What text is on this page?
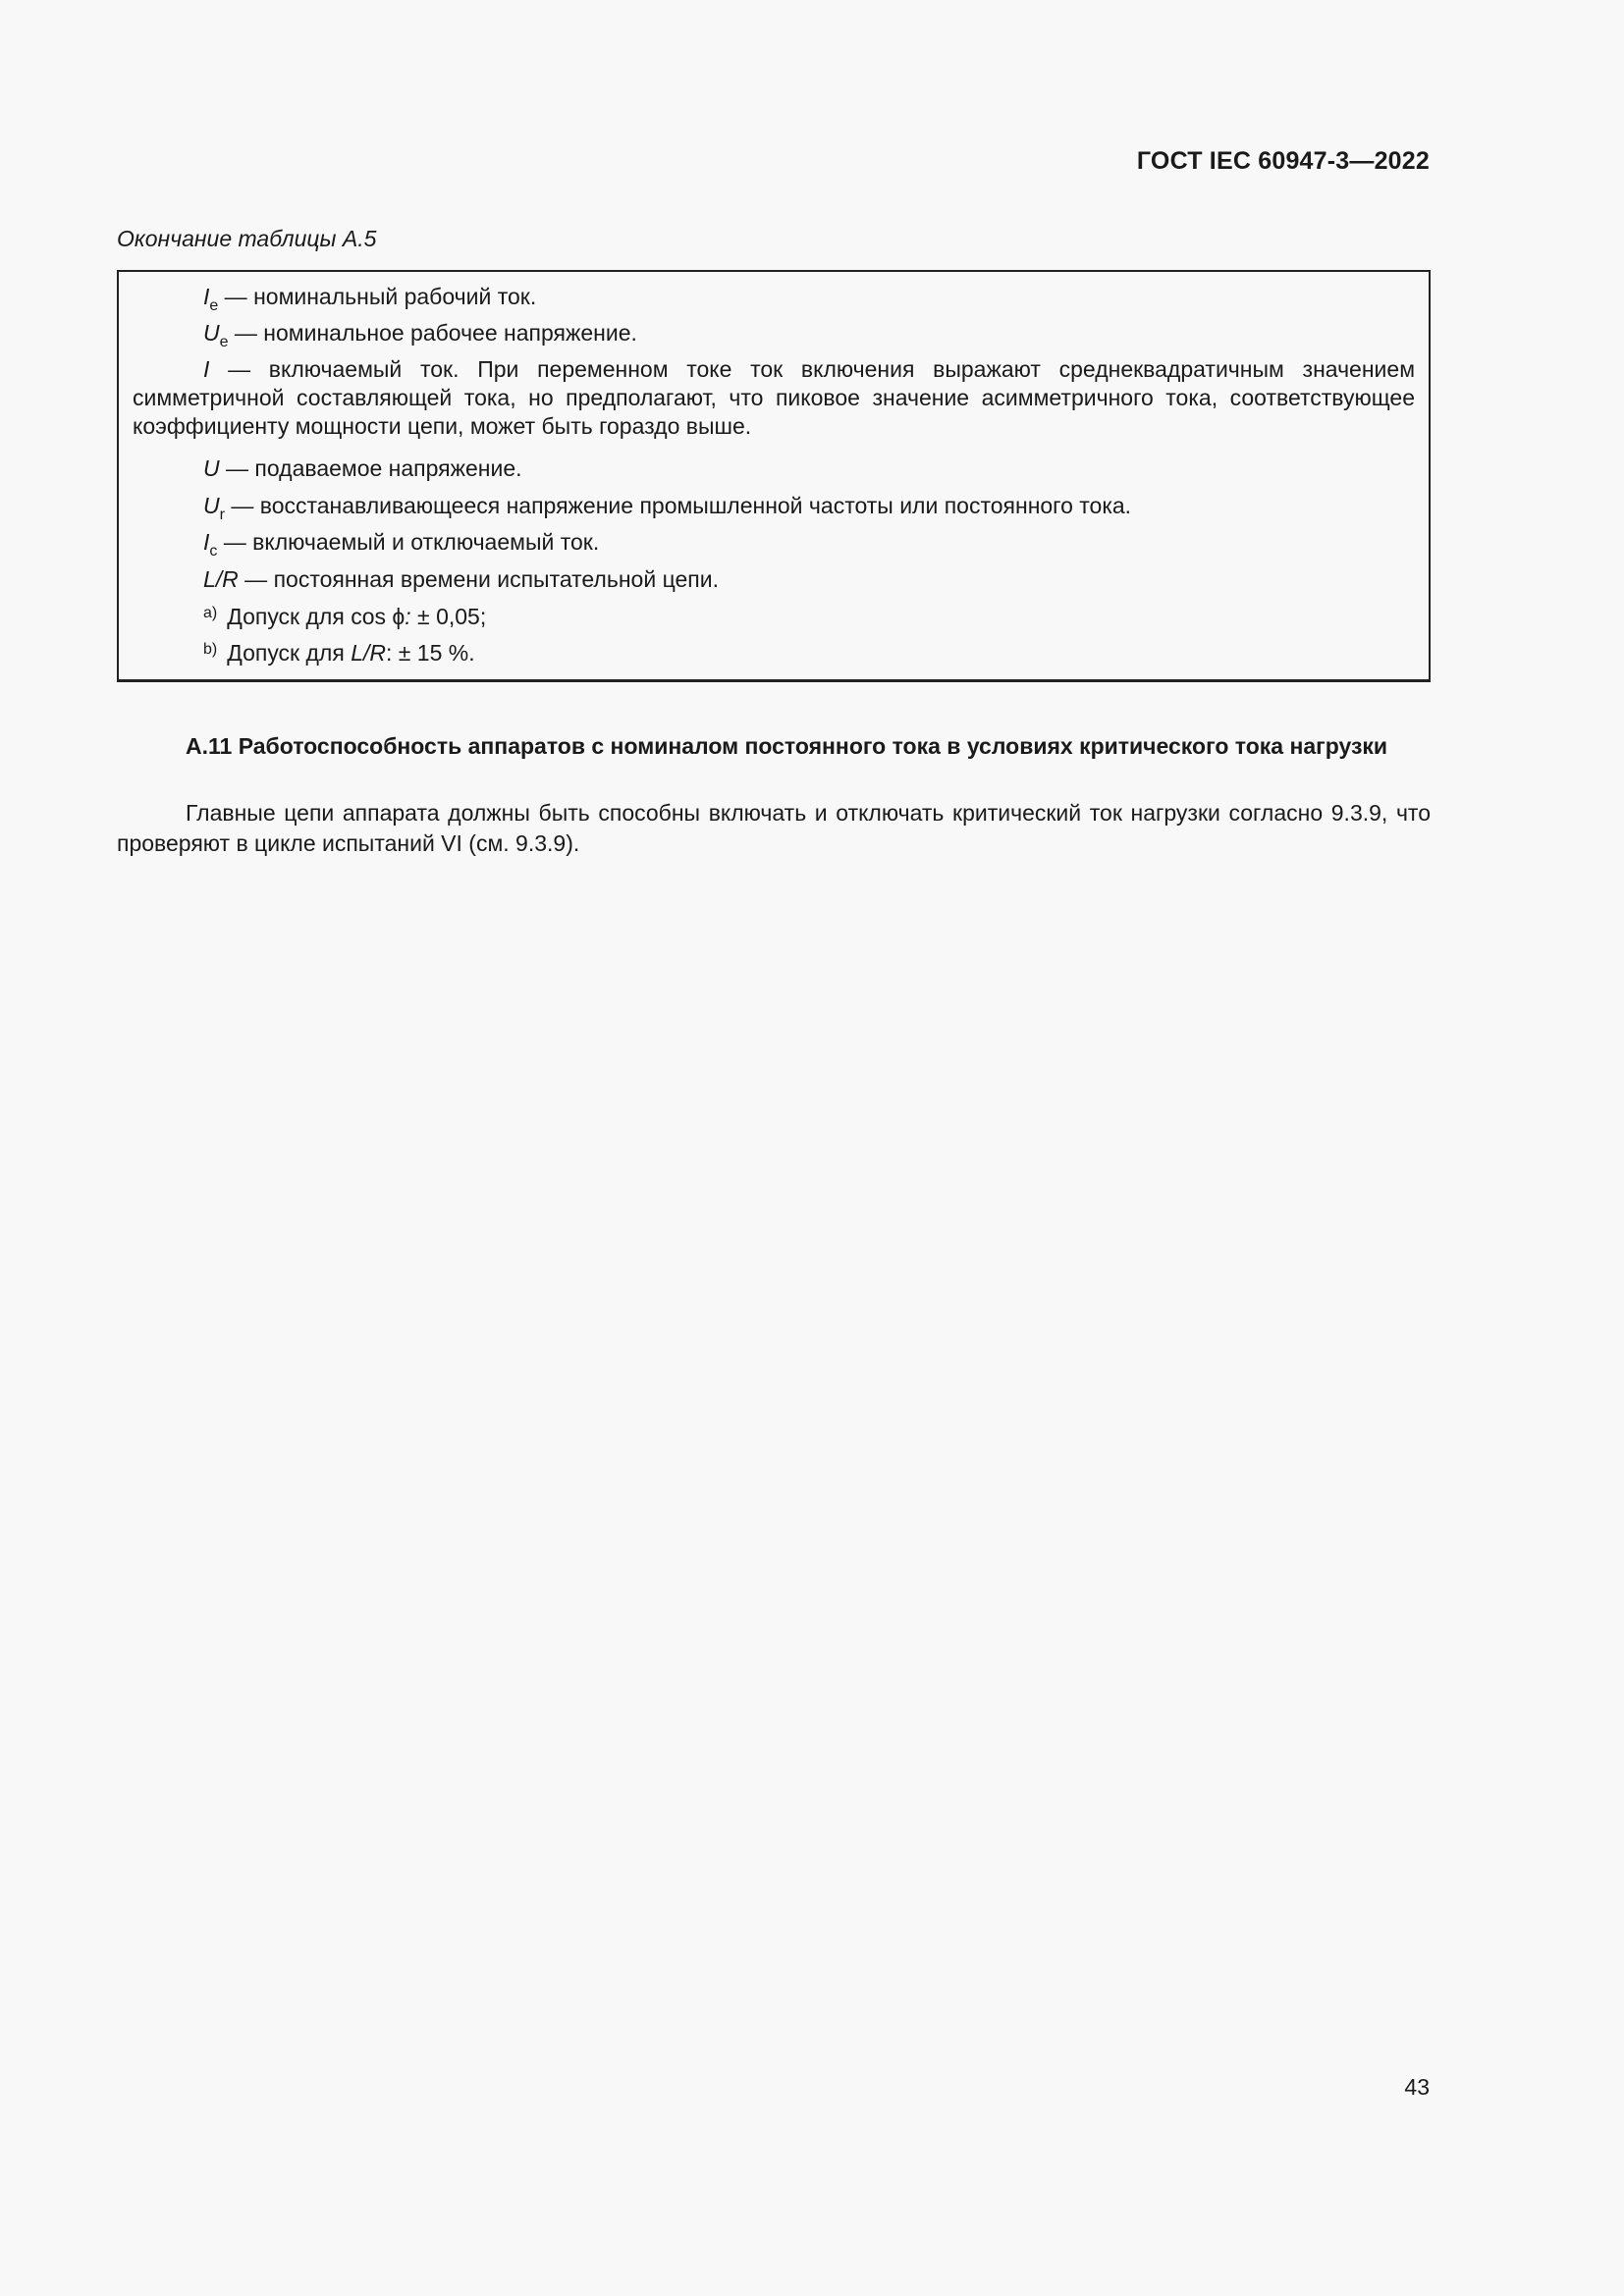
ГОСТ IEC 60947-3—2022
Окончание таблицы А.5
$I_e$ — номинальный рабочий ток.
$U_e$ — номинальное рабочее напряжение.
I — включаемый ток. При переменном токе ток включения выражают среднеквадратичным значением симметричной составляющей тока, но предполагают, что пиковое значение асимметричного тока, соответствующее коэффициенту мощности цепи, может быть гораздо выше.
U — подаваемое напряжение.
$U_r$ — восстанавливающееся напряжение промышленной частоты или постоянного тока.
$I_c$ — включаемый и отключаемый ток.
L/R — постоянная времени испытательной цепи.
$^{a)}$ Допуск для cos ϕ: ± 0,05;
$^{b)}$ Допуск для L/R: ± 15 %.
А.11 Работоспособность аппаратов с номиналом постоянного тока в условиях критического тока нагрузки
Главные цепи аппарата должны быть способны включать и отключать критический ток нагрузки согласно 9.3.9, что проверяют в цикле испытаний VI (см. 9.3.9).
43
